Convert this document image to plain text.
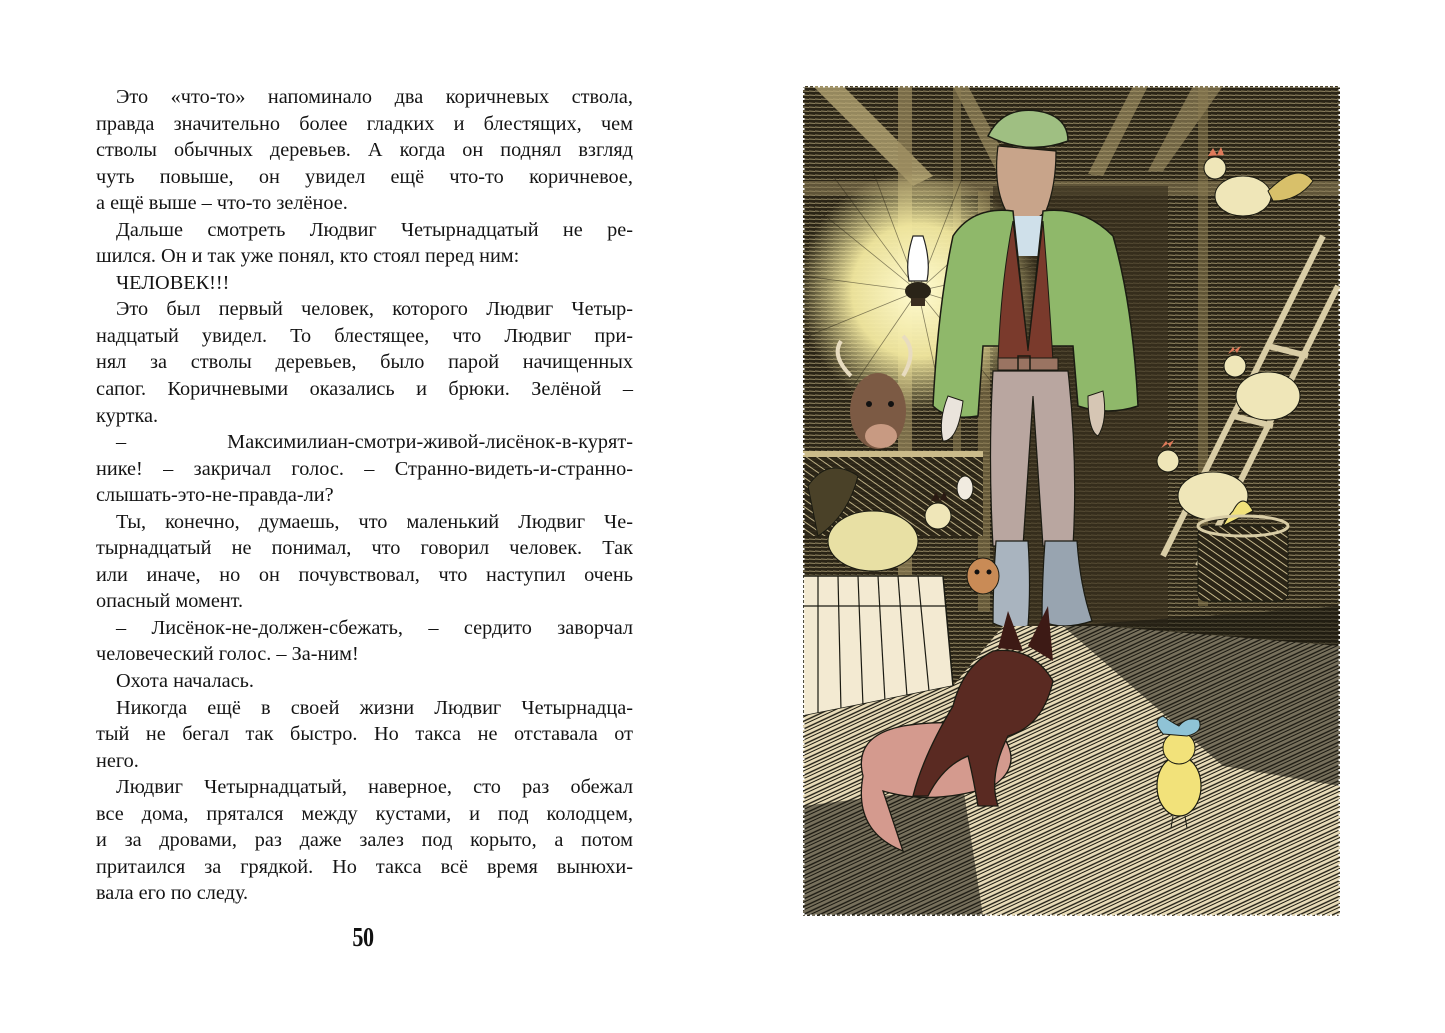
Это «что-то» напоминало два коричневых ствола,
правда значительно более гладких и блестящих, чем
стволы обычных деревьев. А когда он поднял взгляд
чуть повыше, он увидел ещё что-то коричневое,
а ещё выше – что-то зелёное.
Дальше смотреть Людвиг Четырнадцатый не ре-
шился. Он и так уже понял, кто стоял перед ним:
ЧЕЛОВЕК!!!
Это был первый человек, которого Людвиг Четыр-
надцатый увидел. То блестящее, что Людвиг при-
нял за стволы деревьев, было парой начищенных
сапог. Коричневыми оказались и брюки. Зелёной –
куртка.
– Максимилиан-смотри-живой-лисёнок-в-курят-
нике! – закричал голос. – Странно-видеть-и-странно-
слышать-это-не-правда-ли?
Ты, конечно, думаешь, что маленький Людвиг Че-
тырнадцатый не понимал, что говорил человек. Так
или иначе, но он почувствовал, что наступил очень
опасный момент.
– Лисёнок-не-должен-сбежать, – сердито заворчал
человеческий голос. – За-ним!
Охота началась.
Никогда ещё в своей жизни Людвиг Четырнадца-
тый не бегал так быстро. Но такса не отставала от
него.
Людвиг Четырнадцатый, наверное, сто раз обежал
все дома, прятался между кустами, и под колодцем,
и за дровами, раз даже залез под корыто, а потом
притаился за грядкой. Но такса всё время вынюхи-
вала его по следу.
50
